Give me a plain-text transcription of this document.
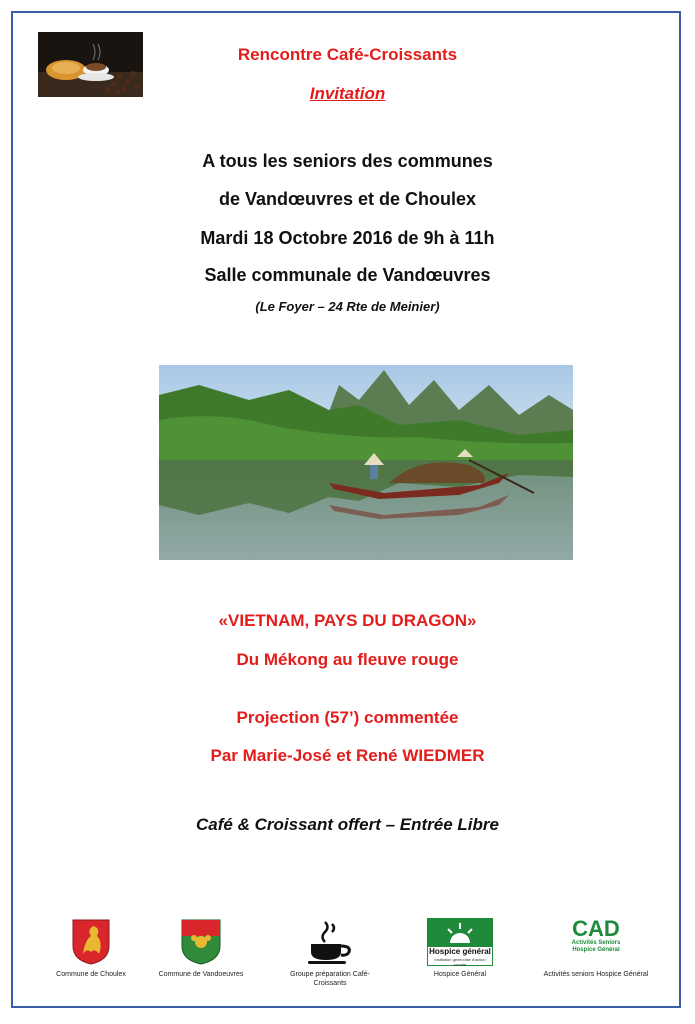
Rencontre Café-Croissants
Invitation
A tous les seniors des communes
de Vandœuvres et de Choulex
Mardi 18 Octobre 2016 de 9h à 11h
Salle communale de Vandœuvres
(Le Foyer – 24 Rte de Meinier)
«VIETNAM, PAYS DU DRAGON»
Du Mékong au fleuve rouge
Projection (57’) commentée
Par Marie-José et René WIEDMER
Café & Croissant offert – Entrée Libre
Commune de Choulex	Commune de Vandoeuvres	Groupe préparation Café-Croissants
Hospice général
Institution genevoise d'action sociale
Hospice Général
CAD
Activités Seniors
Hospice Général
Activités seniors Hospice Général
